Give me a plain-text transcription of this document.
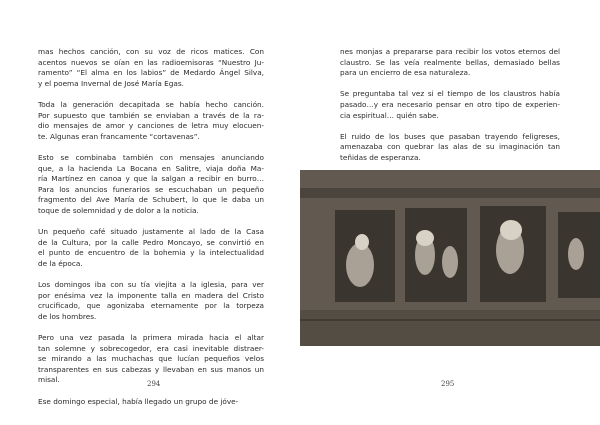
mas hechos canción, con su voz de ricos matices. Con
acentos nuevos se oían en las radioemisoras “Nuestro Ju-
ramento” “El alma en los labios” de Medardo Ángel Silva,
y el poema Invernal de José María Egas.
Toda la generación decapitada se había hecho canción.
Por supuesto que también se enviaban a través de la ra-
dio mensajes de amor y canciones de letra muy elocuen-
te. Algunas eran francamente “cortavenas”.
Esto se combinaba también con mensajes anunciando
que, a la hacienda La Bocana en Salitre, viaja doña Ma-
ría Martínez en canoa y que la salgan a recibir en burro…
Para los anuncios funerarios se escuchaban un pequeño
fragmento del Ave María de Schubert, lo que le daba un
toque de solemnidad y de dolor a la noticia.
Un pequeño café situado justamente al lado de la Casa
de la Cultura, por la calle Pedro Moncayo, se convirtió en
el punto de encuentro de la bohemia y la intelectualidad
de la época.
Los domingos iba con su tía viejita a la iglesia, para ver
por enésima vez la imponente talla en madera del Cristo
crucificado, que agonizaba eternamente por la torpeza
de los hombres.
Pero una vez pasada la primera mirada hacia el altar
tan solemne y sobrecogedor, era casi inevitable distraer-
se mirando a las muchachas que lucían pequeños velos
transparentes en sus cabezas y llevaban en sus manos un
misal.
Ese domingo especial, había llegado un grupo de jóve-
nes monjas a prepararse para recibir los votos eternos del
claustro. Se las veía realmente bellas, demasiado bellas
para un encierro de esa naturaleza.
Se preguntaba tal vez si el tiempo de los claustros había
pasado…y era necesario pensar en otro tipo de experien-
cia espiritual… quién sabe.
El ruido de los buses que pasaban trayendo feligreses,
amenazaba con quebrar las alas de su imaginación tan
teñidas de esperanza.
294	295
